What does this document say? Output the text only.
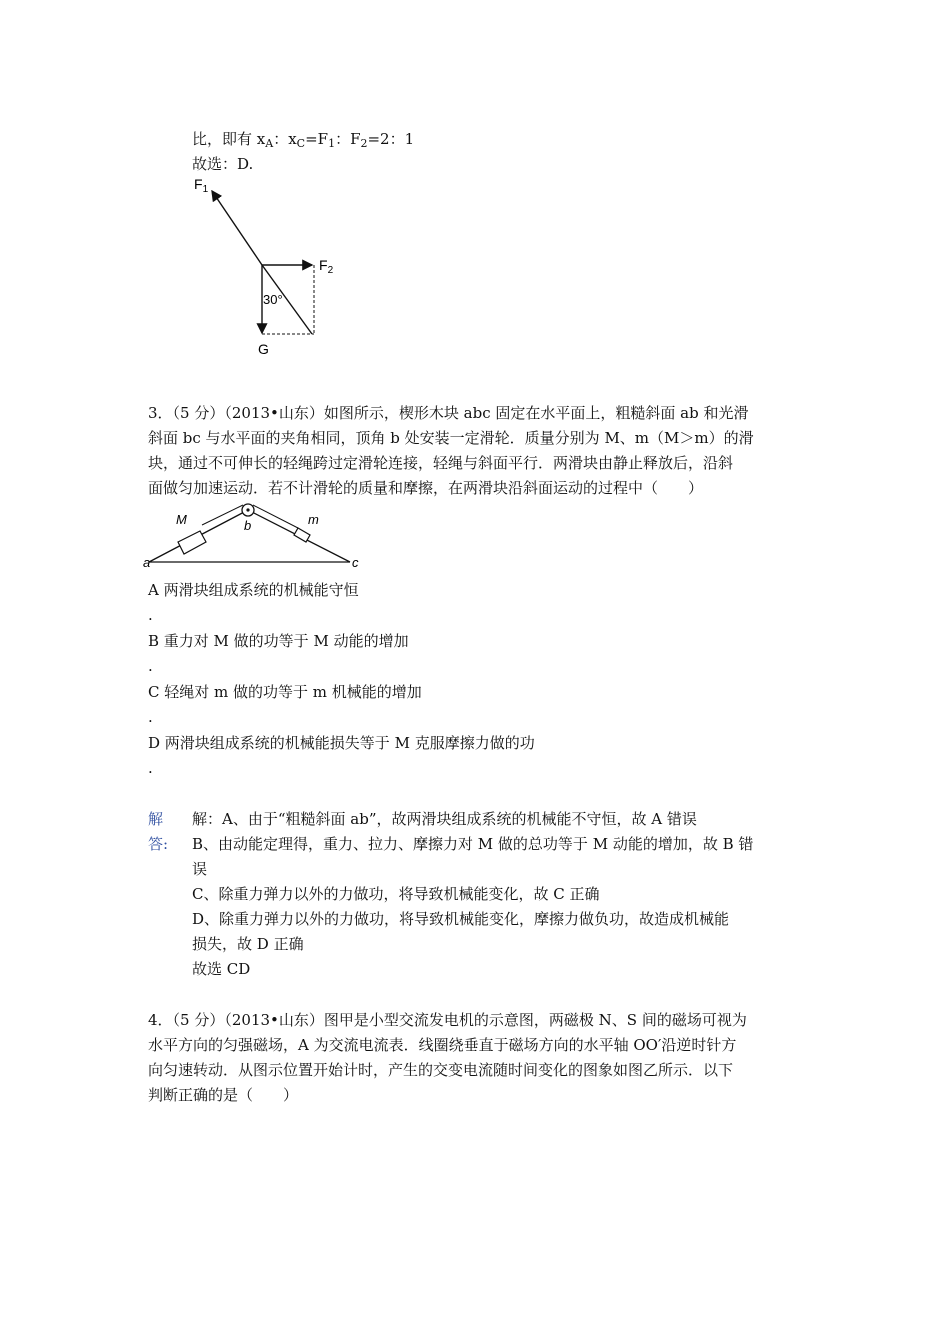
比，即有 $x_A$：$x_C=F_1$：$F_2=2$：1
故选：D.
$F_1$
$F_2$
30°
G
3．（5 分）（2013•山东）如图所示，楔形木块 abc 固定在水平面上，粗糙斜面 ab 和光滑
斜面 bc 与水平面的夹角相同，顶角 b 处安装一定滑轮．质量分别为 M、m（M＞m）的滑
块，通过不可伸长的轻绳跨过定滑轮连接，轻绳与斜面平行．两滑块由静止释放后，沿斜
面做匀加速运动．若不计滑轮的质量和摩擦，在两滑块沿斜面运动的过程中（　　）
a
b
c
M	m
A 两滑块组成系统的机械能守恒
.
B 重力对 M 做的功等于 M 动能的增加
.
C 轻绳对 m 做的功等于 m 机械能的增加
.
D 两滑块组成系统的机械能损失等于 M 克服摩擦力做的功
.
解
答:
解：A、由于“粗糙斜面 ab”，故两滑块组成系统的机械能不守恒，故 A 错误
B、由动能定理得，重力、拉力、摩擦力对 M 做的总功等于 M 动能的增加，故 B 错
误
C、除重力弹力以外的力做功，将导致机械能变化，故 C 正确
D、除重力弹力以外的力做功，将导致机械能变化，摩擦力做负功，故造成机械能
损失，故 D 正确
故选 CD
4．（5 分）（2013•山东）图甲是小型交流发电机的示意图，两磁极 N、S 间的磁场可视为
水平方向的匀强磁场，A 为交流电流表．线圈绕垂直于磁场方向的水平轴 OO′沿逆时针方
向匀速转动．从图示位置开始计时，产生的交变电流随时间变化的图象如图乙所示．以下
判断正确的是（　　）
